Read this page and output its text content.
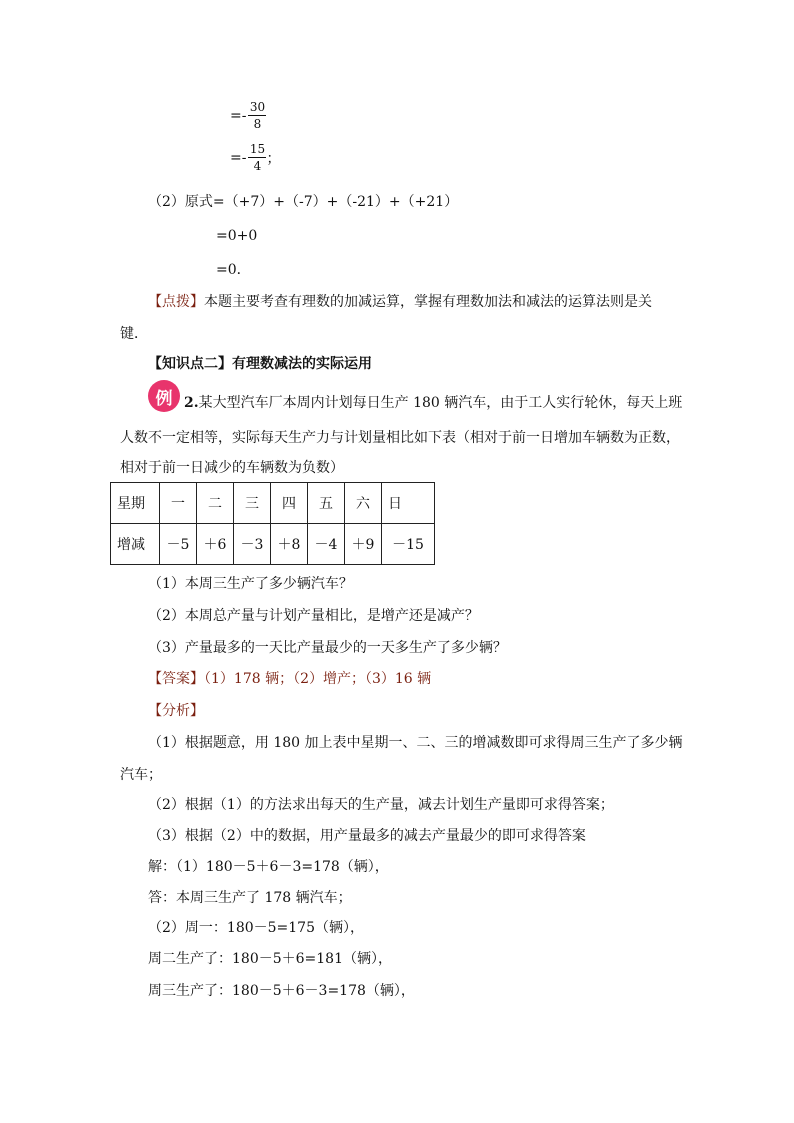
=-
30
8
=-
15
4 ；
（2）原式=（+7）+（-7）+（-21）+（+21）
=0+0
=0．
【点拨】本题主要考查有理数的加减运算，掌握有理数加法和减法的运算法则是关
键．
【知识点二】有理数减法的实际运用
例 2.某大型汽车厂本周内计划每日生产 180 辆汽车，由于工人实行轮休，每天上班
人数不一定相等，实际每天生产力与计划量相比如下表（相对于前一日增加车辆数为正数，
相对于前一日减少的车辆数为负数）
星期	一	二	三	四	五	六	日
增减	－5	＋6	－3	＋8	－4	＋9	－15
（1）本周三生产了多少辆汽车？
（2）本周总产量与计划产量相比，是增产还是减产？
（3）产量最多的一天比产量最少的一天多生产了多少辆？
【答案】（1）178 辆；（2）增产；（3）16 辆
【分析】
（1）根据题意，用 180 加上表中星期一、二、三的增减数即可求得周三生产了多少辆
汽车；
（2）根据（1）的方法求出每天的生产量，减去计划生产量即可求得答案；
（3）根据（2）中的数据，用产量最多的减去产量最少的即可求得答案
解：（1）180－5＋6－3=178（辆），
答：本周三生产了 178 辆汽车；
（2）周一：180－5=175（辆），
周二生产了：180－5＋6=181（辆），
周三生产了：180－5＋6－3=178（辆），
